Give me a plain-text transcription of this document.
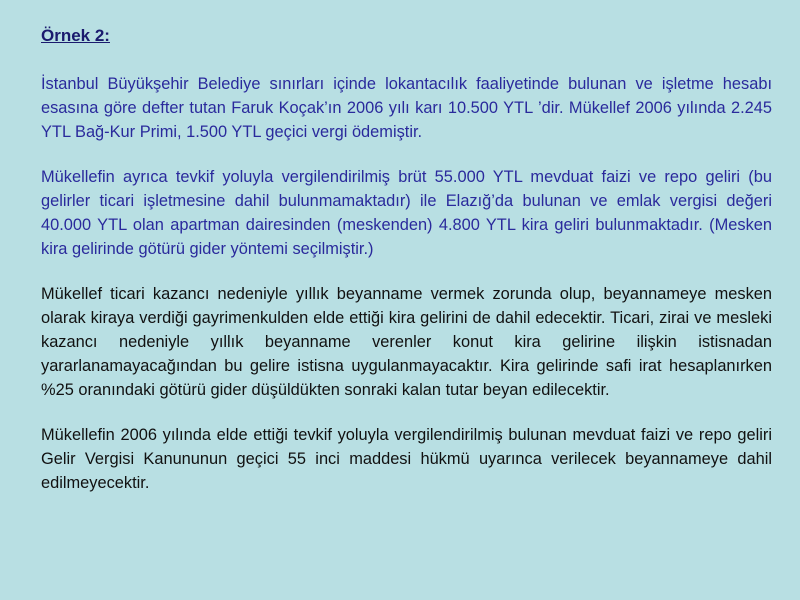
Örnek 2:

İstanbul Büyükşehir Belediye sınırları içinde lokantacılık faaliyetinde bulunan ve işletme hesabı esasına göre defter tutan Faruk Koçak’ın 2006 yılı karı 10.500 YTL ’dir. Mükellef 2006 yılında 2.245 YTL Bağ-Kur Primi, 1.500 YTL geçici vergi ödemiştir.

Mükellefin ayrıca tevkif yoluyla vergilendirilmiş brüt 55.000 YTL mevduat faizi ve repo geliri (bu gelirler ticari işletmesine dahil bulunmamaktadır) ile Elazığ’da bulunan ve emlak vergisi değeri 40.000 YTL olan apartman dairesinden (meskenden) 4.800 YTL kira geliri bulunmaktadır. (Mesken kira gelirinde götürü gider yöntemi seçilmiştir.)

Mükellef ticari kazancı nedeniyle yıllık beyanname vermek zorunda olup, beyannameye mesken olarak kiraya verdiği gayrimenkulden elde ettiği kira gelirini de dahil edecektir. Ticari, zirai ve mesleki kazancı nedeniyle yıllık beyanname verenler konut kira gelirine ilişkin istisnadan yararlanamayacağından bu gelire istisna uygulanmayacaktır. Kira gelirinde safi irat hesaplanırken %25 oranındaki götürü gider düşüldükten sonraki kalan tutar beyan edilecektir.

Mükellefin 2006 yılında elde ettiği tevkif yoluyla vergilendirilmiş bulunan mevduat faizi ve repo geliri Gelir Vergisi Kanununun geçici 55 inci maddesi hükmü uyarınca verilecek beyannameye dahil edilmeyecektir.
